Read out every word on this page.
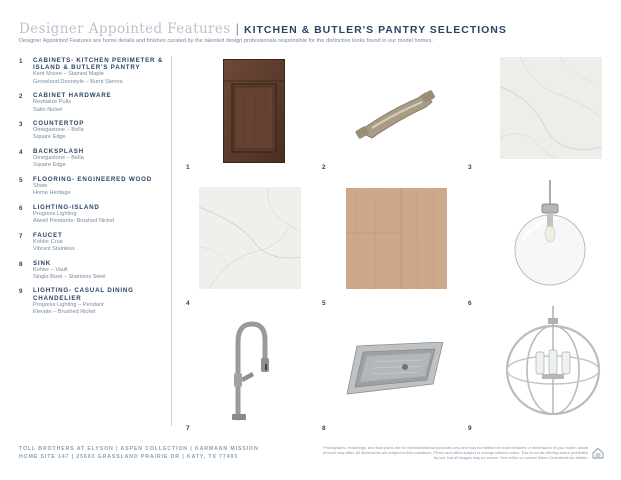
Designer Appointed Features | KITCHEN & BUTLER'S PANTRY SELECTIONS
Designer Appointed Features are home details and finishes curated by the talented design professionals responsible for the distinctive looks found in our model homes.
1 CABINETS- KITCHEN PERIMETER & ISLAND & BUTLER'S PANTRY
Kent Moore – Stained Maple
Groveland Doorstyle – Burnt Sienna
2 CABINET HARDWARE
Revitalize Pulls
Satin Nickel
3 COUNTERTOP
Omegastone – Bella
Square Edge
4 BACKSPLASH
Omegastone – Bella
Square Edge
5 FLOORING- ENGINEERED WOOD
Shaw
Home Heritage
6 LIGHTING-ISLAND
Progress Lighting
Atwell Pendants- Brushed Nickel
7 FAUCET
Kohler Crue
Vibrant Stainless
8 SINK
Kohler – Vault
Single Bowl – Stainless Steel
9 LIGHTING- CASUAL DINING CHANDELIER
Progress Lighting – Pendant
Elevate – Brushed Nickel
1	2	3
4	5	6
7	8	9
TOLL BROTHERS AT ELYSON | ASPEN COLLECTION | KARMANN MISSION
HOME SITE 147 | 25603 GRASSLAND PRAIRIE DR | KATY, TX 77493
Photographs, renderings, and floor plans are for representational purposes only and may not reflect the exact features or dimensions of your home; actual product may differ. All dimensions are subject to field variations. Prices and offers subject to change without notice. This is not an offering where prohibited by law. Not all images may be shown. See online or contact Sales Consultants for details.
